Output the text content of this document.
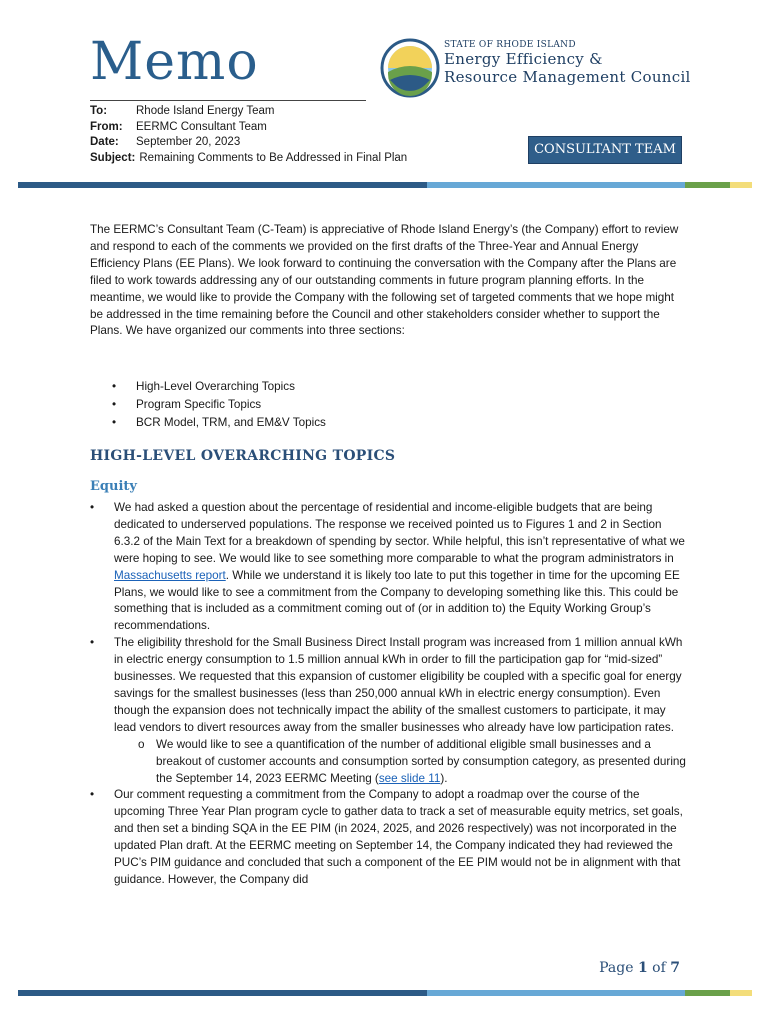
Memo
To:	Rhode Island Energy Team
From: EERMC Consultant Team
Date: September 20, 2023
Subject: Remaining Comments to Be Addressed in Final Plan
STATE OF RHODE ISLAND
Energy Efficiency &
Resource Management Council
CONSULTANT TEAM
The EERMC’s Consultant Team (C-Team) is appreciative of Rhode Island Energy’s (the Company) effort to review and respond to each of the comments we provided on the first drafts of the Three-Year and Annual Energy Efficiency Plans (EE Plans). We look forward to continuing the conversation with the Company after the Plans are filed to work towards addressing any of our outstanding comments in future program planning efforts. In the meantime, we would like to provide the Company with the following set of targeted comments that we hope might be addressed in the time remaining before the Council and other stakeholders consider whether to support the Plans. We have organized our comments into three sections:
• High-Level Overarching Topics
• Program Specific Topics
• BCR Model, TRM, and EM&V Topics
HIGH-LEVEL OVERARCHING TOPICS
Equity
• We had asked a question about the percentage of residential and income-eligible budgets that are being dedicated to underserved populations. The response we received pointed us to Figures 1 and 2 in Section 6.3.2 of the Main Text for a breakdown of spending by sector. While helpful, this isn’t representative of what we were hoping to see. We would like to see something more comparable to what the program administrators in Massachusetts report. While we understand it is likely too late to put this together in time for the upcoming EE Plans, we would like to see a commitment from the Company to developing something like this. This could be something that is included as a commitment coming out of (or in addition to) the Equity Working Group’s recommendations.
• The eligibility threshold for the Small Business Direct Install program was increased from 1 million annual kWh in electric energy consumption to 1.5 million annual kWh in order to fill the participation gap for “mid-sized” businesses. We requested that this expansion of customer eligibility be coupled with a specific goal for energy savings for the smallest businesses (less than 250,000 annual kWh in electric energy consumption). Even though the expansion does not technically impact the ability of the smallest customers to participate, it may lead vendors to divert resources away from the smaller businesses who already have low participation rates.
o We would like to see a quantification of the number of additional eligible small businesses and a breakout of customer accounts and consumption sorted by consumption category, as presented during the September 14, 2023 EERMC Meeting (see slide 11).
• Our comment requesting a commitment from the Company to adopt a roadmap over the course of the upcoming Three Year Plan program cycle to gather data to track a set of measurable equity metrics, set goals, and then set a binding SQA in the EE PIM (in 2024, 2025, and 2026 respectively) was not incorporated in the updated Plan draft. At the EERMC meeting on September 14, the Company indicated they had reviewed the PUC’s PIM guidance and concluded that such a component of the EE PIM would not be in alignment with that guidance. However, the Company did
Page 1 of 7
